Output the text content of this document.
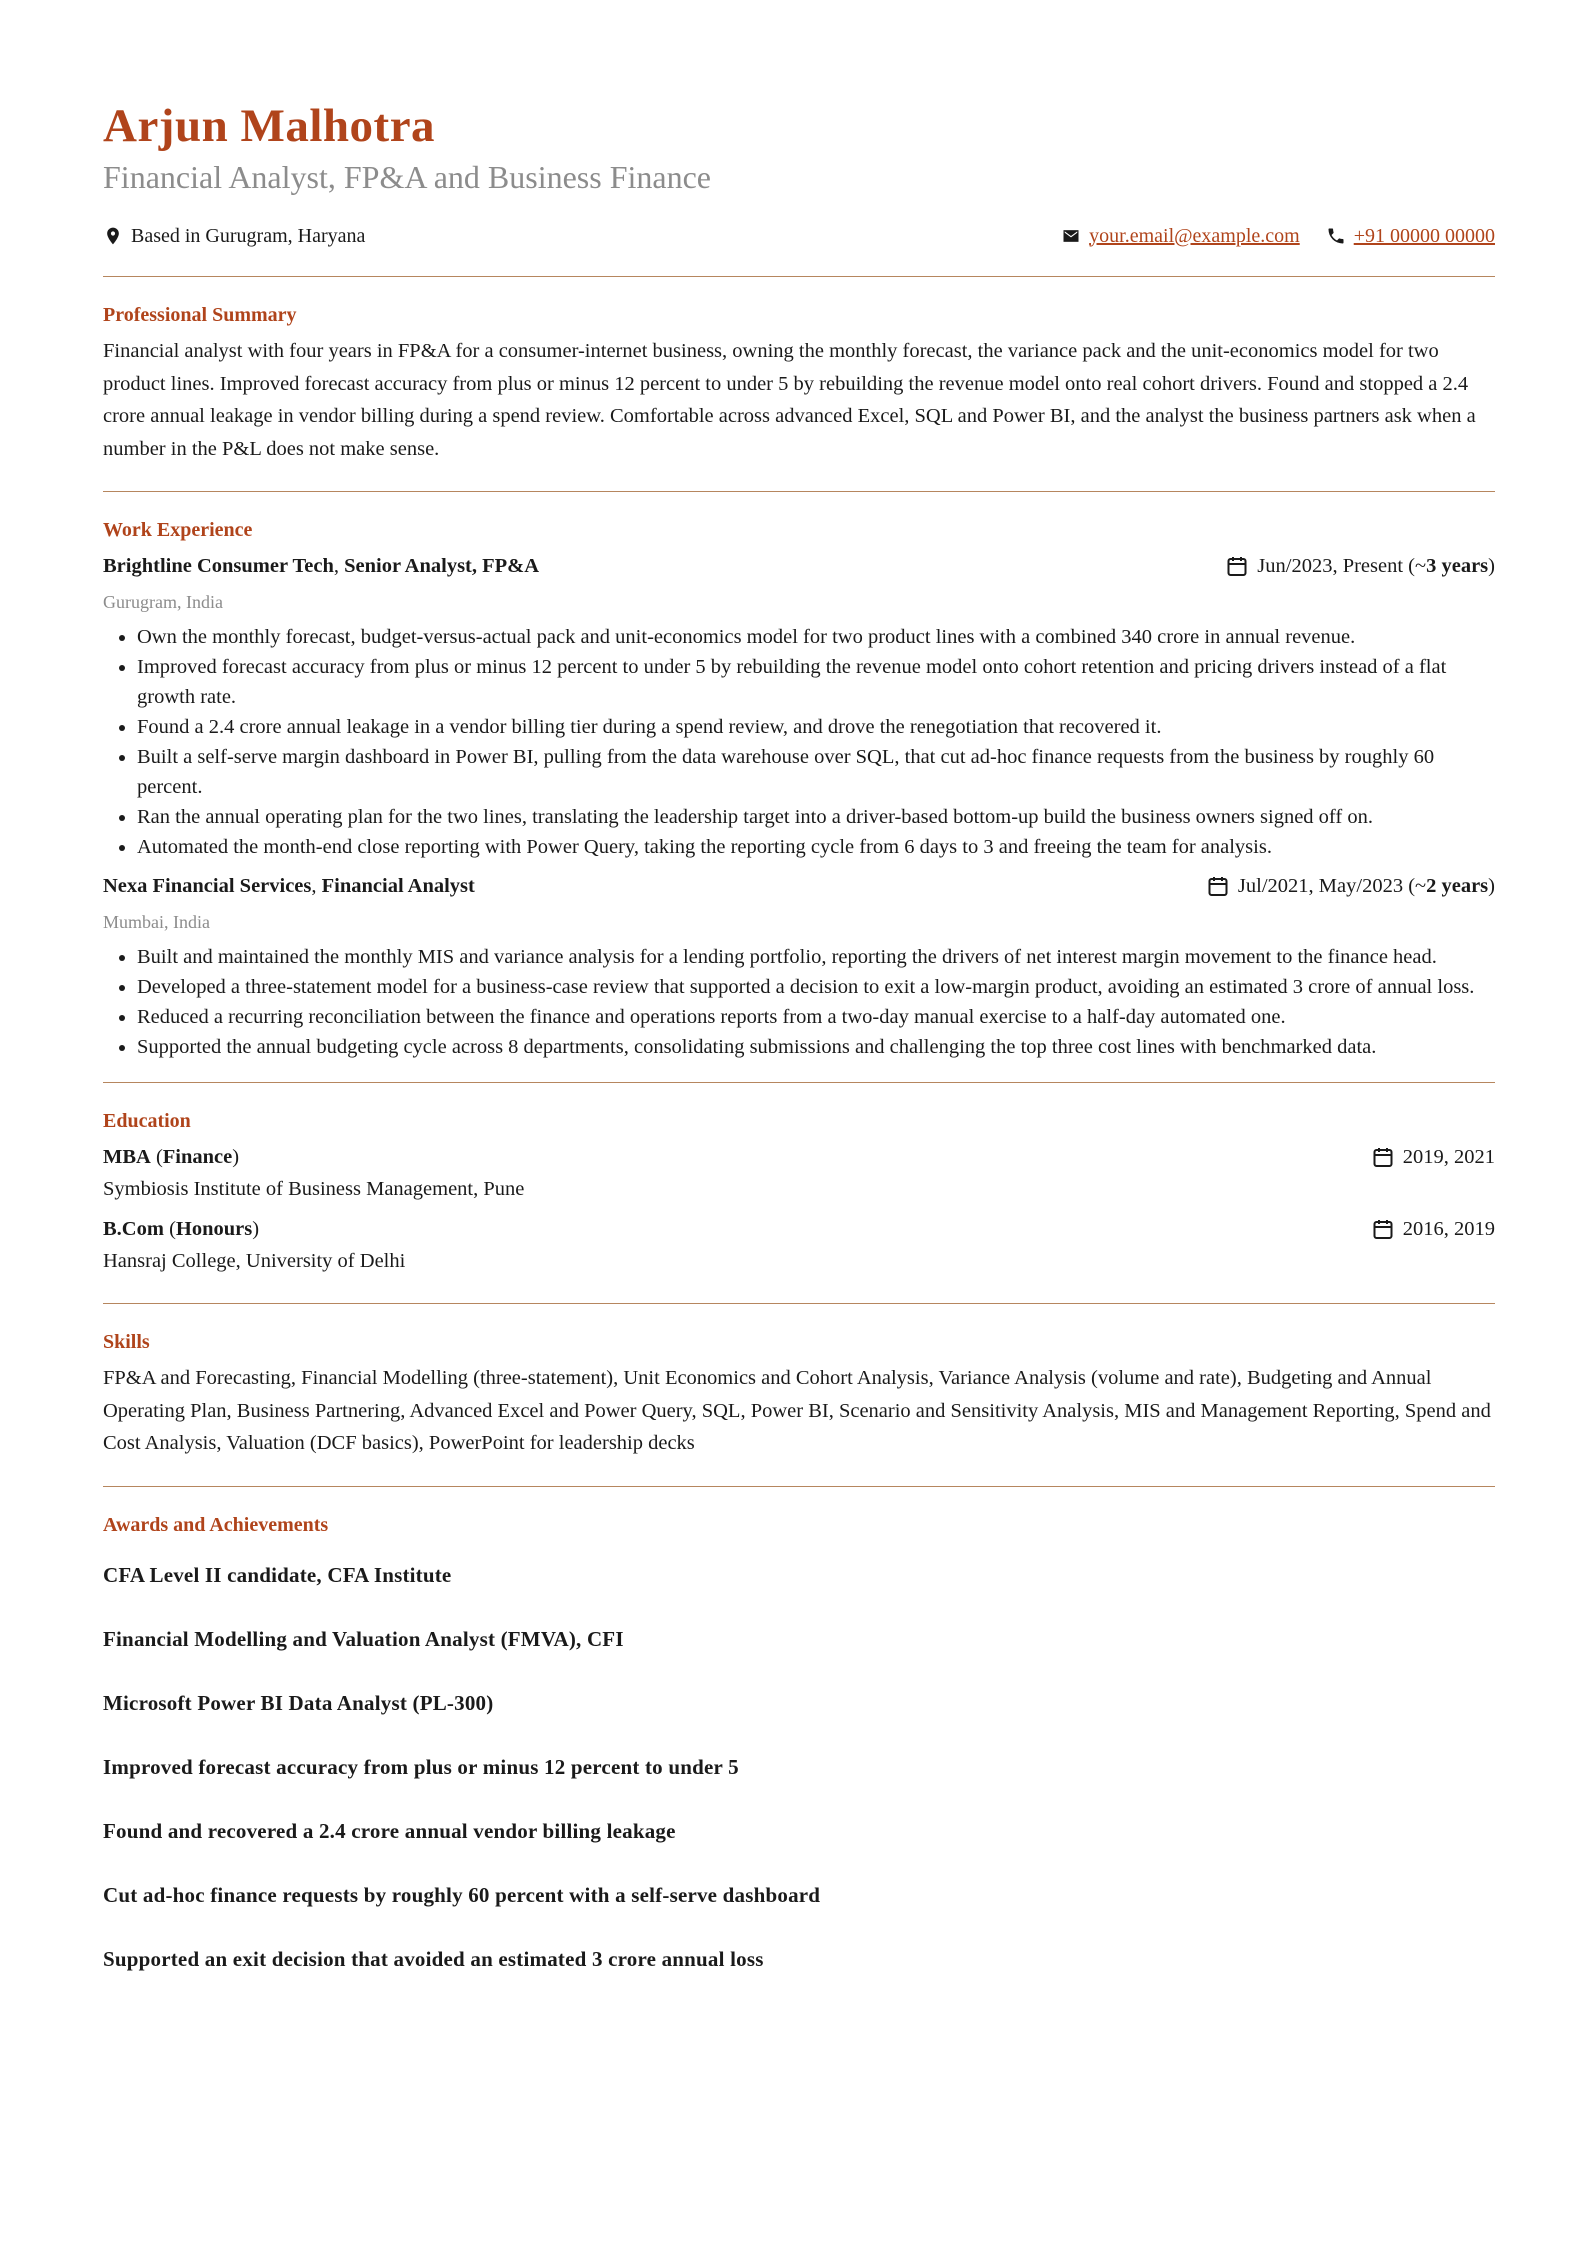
Arjun Malhotra
Financial Analyst, FP&A and Business Finance
Based in Gurugram, Haryana	your.email@example.com	+91 00000 00000
Professional Summary

Financial analyst with four years in FP&A for a consumer-internet business, owning the monthly forecast, the variance pack and the unit-economics model for two product lines. Improved forecast accuracy from plus or minus 12 percent to under 5 by rebuilding the revenue model onto real cohort drivers. Found and stopped a 2.4 crore annual leakage in vendor billing during a spend review. Comfortable across advanced Excel, SQL and Power BI, and the analyst the business partners ask when a number in the P&L does not make sense.

Work Experience
Brightline Consumer Tech, Senior Analyst, FP&A	Jun/2023, Present (~ 3 years )
Gurugram, India
• Own the monthly forecast, budget-versus-actual pack and unit-economics model for two product lines with a combined 340 crore in annual revenue.
• Improved forecast accuracy from plus or minus 12 percent to under 5 by rebuilding the revenue model onto cohort retention and pricing drivers instead of a flat growth rate.
• Found a 2.4 crore annual leakage in a vendor billing tier during a spend review, and drove the renegotiation that recovered it.
• Built a self-serve margin dashboard in Power BI, pulling from the data warehouse over SQL, that cut ad-hoc finance requests from the business by roughly 60 percent.
• Ran the annual operating plan for the two lines, translating the leadership target into a driver-based bottom-up build the business owners signed off on.
• Automated the month-end close reporting with Power Query, taking the reporting cycle from 6 days to 3 and freeing the team for analysis.
Nexa Financial Services, Financial Analyst	Jul/2021, May/2023 (~ 2 years )
Mumbai, India
• Built and maintained the monthly MIS and variance analysis for a lending portfolio, reporting the drivers of net interest margin movement to the finance head.
• Developed a three-statement model for a business-case review that supported a decision to exit a low-margin product, avoiding an estimated 3 crore of annual loss.
• Reduced a recurring reconciliation between the finance and operations reports from a two-day manual exercise to a half-day automated one.
• Supported the annual budgeting cycle across 8 departments, consolidating submissions and challenging the top three cost lines with benchmarked data.
Education
MBA (Finance)	2019, 2021
Symbiosis Institute of Business Management, Pune
B.Com (Honours)	2016, 2019
Hansraj College, University of Delhi
Skills

FP&A and Forecasting, Financial Modelling (three-statement), Unit Economics and Cohort Analysis, Variance Analysis (volume and rate), Budgeting and Annual Operating Plan, Business Partnering, Advanced Excel and Power Query, SQL, Power BI, Scenario and Sensitivity Analysis, MIS and Management Reporting, Spend and Cost Analysis, Valuation (DCF basics), PowerPoint for leadership decks

Awards and Achievements
CFA Level II candidate, CFA Institute
Financial Modelling and Valuation Analyst (FMVA), CFI
Microsoft Power BI Data Analyst (PL-300)
Improved forecast accuracy from plus or minus 12 percent to under 5
Found and recovered a 2.4 crore annual vendor billing leakage
Cut ad-hoc finance requests by roughly 60 percent with a self-serve dashboard
Supported an exit decision that avoided an estimated 3 crore annual loss
